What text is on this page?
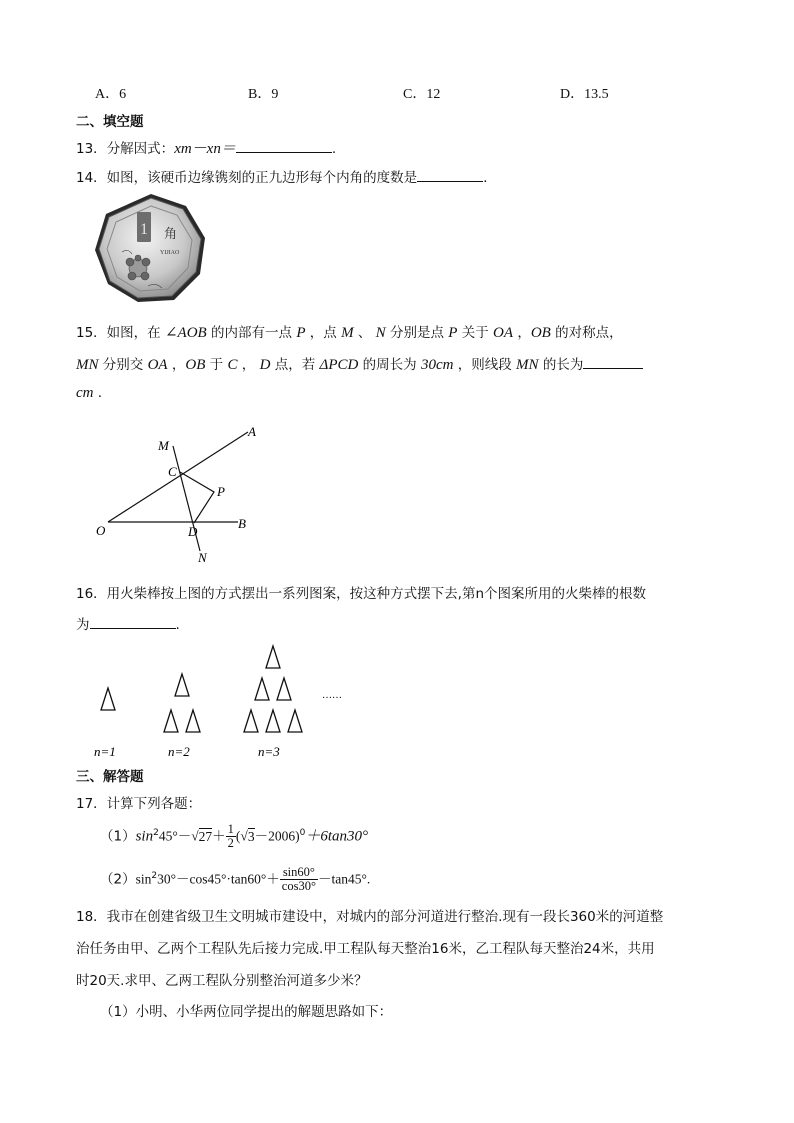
A．6	B．9	C．12	D．13.5
二、填空题
13．分解因式：xm－xn＝	.
14．如图，该硬币边缘镌刻的正九边形每个内角的度数是	．
1 角
YIJIAO
15．如图，在 ∠AOB 的内部有一点 P ，点 M 、 N 分别是点 P 关于 OA ，OB 的对称点，
MN 分别交 OA ，OB 于 C ， D 点，若 ΔPCD 的周长为 30cm ，则线段 MN 的长为
cm .
M
A
C
P
O	D
B
N
16．用火柴棒按上图的方式摆出一系列图案，按这种方式摆下去,第n个图案所用的火柴棒的根数
为	.
……
n=1	n=2	n=3
三、解答题
17．计算下列各题：
$(1)\sin^245^\circ-√27+ \frac{1}{2} (√3-2006)^0+6\tan 30^\circ$
$(2)\sin^230^\circ-\cos 45^\circ\cdot\tan 60^\circ+ \frac{\sin 60^\circ}{\cos 30^\circ} -\tan 45^\circ$.
18．我市在创建省级卫生文明城市建设中，对城内的部分河道进行整治.现有一段长360米的河道整
治任务由甲、乙两个工程队先后接力完成.甲工程队每天整治16米，乙工程队每天整治24米，共用
时20天.求甲、乙两工程队分别整治河道多少米？
（1）小明、小华两位同学提出的解题思路如下：
